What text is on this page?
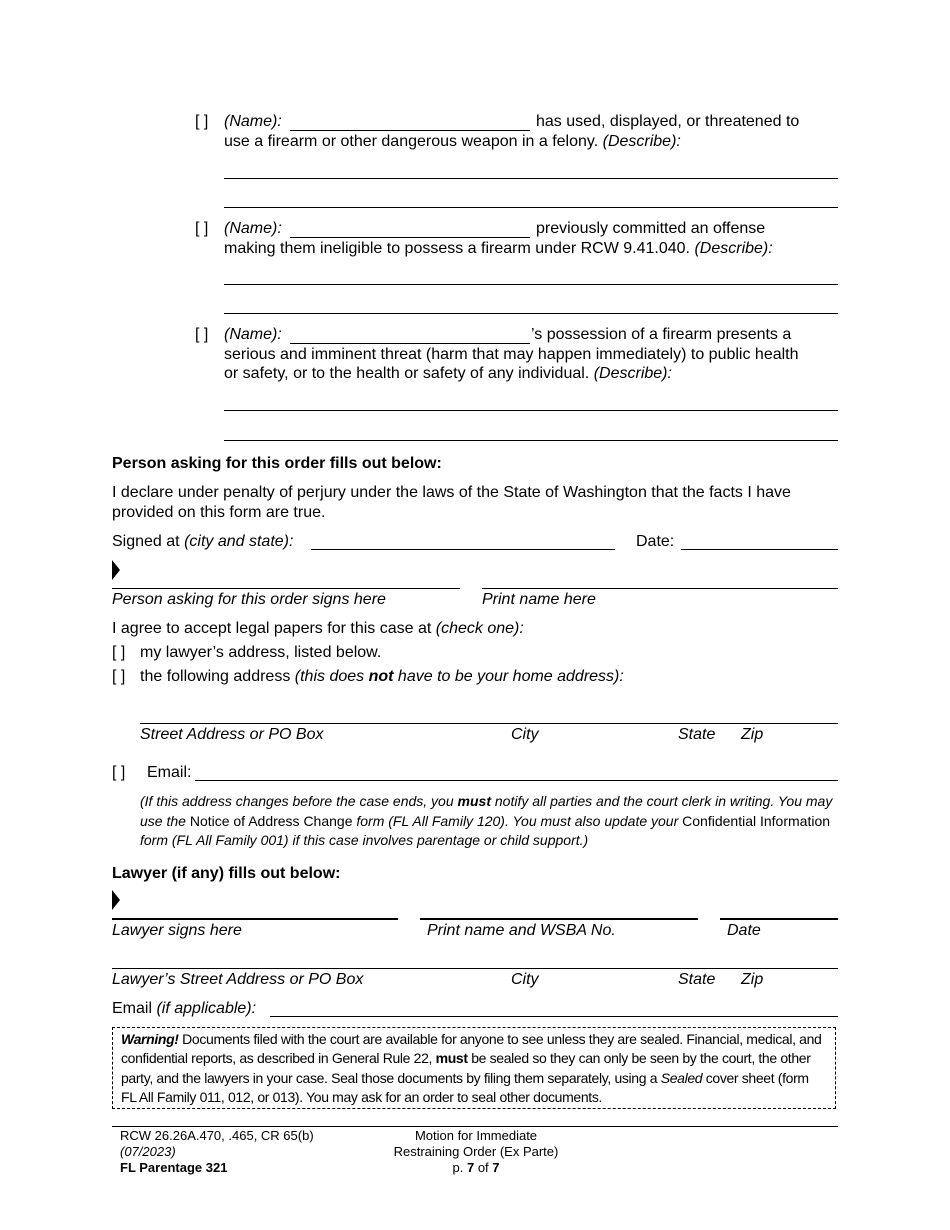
[ ] (Name):	has used, displayed, or threatened to
use a firearm or other dangerous weapon in a felony. (Describe):
[ ] (Name):	previously committed an offense
making them ineligible to possess a firearm under RCW 9.41.040. (Describe):
[ ] (Name):	’s possession of a firearm presents a
serious and imminent threat (harm that may happen immediately) to public health
or safety, or to the health or safety of any individual. (Describe):
Person asking for this order fills out below:
I declare under penalty of perjury under the laws of the State of Washington that the facts I have
provided on this form are true.
Signed at (city and state):	Date:
Person asking for this order signs here	Print name here
I agree to accept legal papers for this case at (check one):
[ ] my lawyer’s address, listed below.
[ ] the following address (this does not have to be your home address):
Street Address or PO Box	City	State Zip
[ ] Email:
(If this address changes before the case ends, you must notify all parties and the court clerk in writing. You may
use the Notice of Address Change form (FL All Family 120). You must also update your Confidential Information
form (FL All Family 001) if this case involves parentage or child support.)
Lawyer (if any) fills out below:
Lawyer signs here	Print name and WSBA No.	Date
Lawyer’s Street Address or PO Box	City	State Zip
Email (if applicable):
Warning! Documents filed with the court are available for anyone to see unless they are sealed. Financial, medical, and confidential reports, as described in General Rule 22, must be sealed so they can only be seen by the court, the other party, and the lawyers in your case. Seal those documents by filing them separately, using a Sealed cover sheet (form FL All Family 011, 012, or 013). You may ask for an order to seal other documents.
RCW 26.26A.470, .465, CR 65(b)
(07/2023)
FL Parentage 321
Motion for Immediate
Restraining Order (Ex Parte)
p. 7 of 7
